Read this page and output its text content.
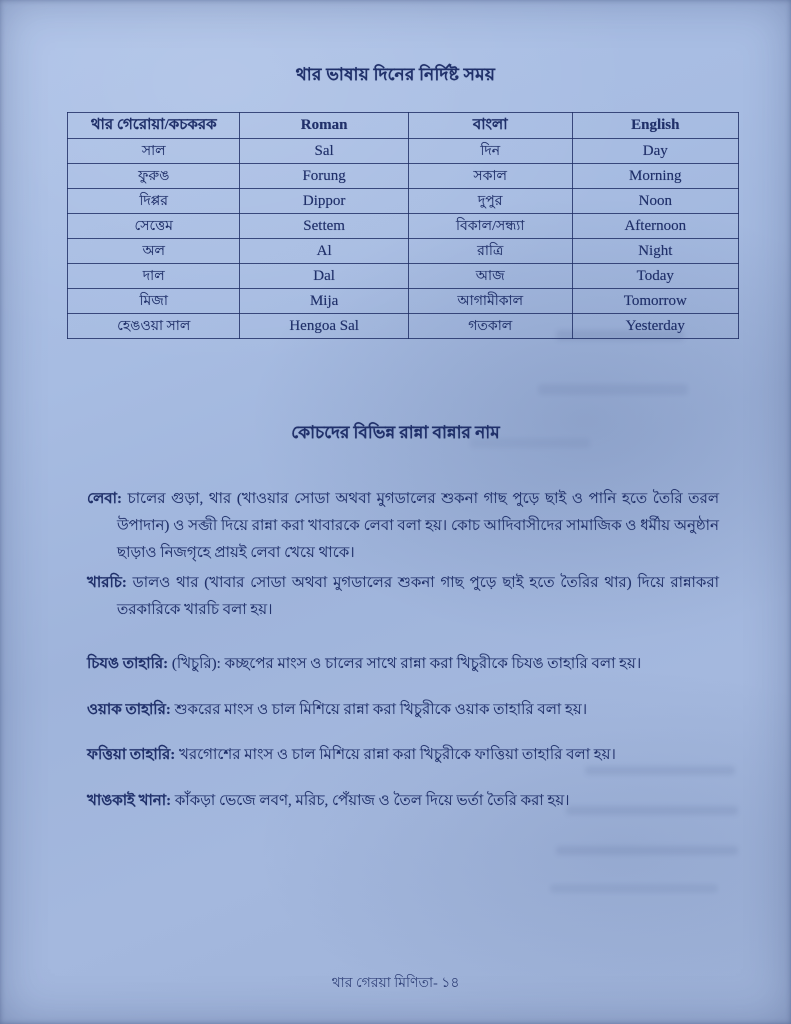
থার ভাষায় দিনের নির্দিষ্ট সময়
থার গেরোয়া/কচকরক	Roman	বাংলা	English
সাল	Sal	দিন	Day
ফুরুঙ	Forung	সকাল	Morning
দিপ্পর	Dippor	দুপুর	Noon
সেত্তেম	Settem	বিকাল/সন্ধ্যা	Afternoon
অল	Al	রাত্রি	Night
দাল	Dal	আজ	Today
মিজা	Mija	আগামীকাল	Tomorrow
হেঙওয়া সাল	Hengoa Sal	গতকাল	Yesterday
কোচদের বিভিন্ন রান্না বান্নার নাম

লেবা: চালের গুড়া, থার (খাওয়ার সোডা অথবা মুগডালের শুকনা গাছ পুড়ে ছাই ও পানি হতে তৈরি তরল উপাদান) ও সব্জী দিয়ে রান্না করা খাবারকে লেবা বলা হয়। কোচ আদিবাসীদের সামাজিক ও ধর্মীয় অনুষ্ঠান ছাড়াও নিজগৃহে প্রায়ই লেবা খেয়ে থাকে।

খারচি: ডালও থার (খাবার সোডা অথবা মুগডালের শুকনা গাছ পুড়ে ছাই হতে তৈরির থার) দিয়ে রান্নাকরা তরকারিকে খারচি বলা হয়।

চিযঙ তাহারি: (খিচুরি): কচ্ছপের মাংস ও চালের সাথে রান্না করা খিচুরীকে চিযঙ তাহারি বলা হয়।

ওয়াক তাহারি: শুকরের মাংস ও চাল মিশিয়ে রান্না করা খিচুরীকে ওয়াক তাহারি বলা হয়।

ফত্তিয়া তাহারি: খরগোশের মাংস ও চাল মিশিয়ে রান্না করা খিচুরীকে ফাত্তিয়া তাহারি বলা হয়।

খাঙকাই খানা: কাঁকড়া ভেজে লবণ, মরিচ, পেঁয়াজ ও তৈল দিয়ে ভর্তা তৈরি করা হয়।

থার গেরয়া মিণিতা- ১৪
